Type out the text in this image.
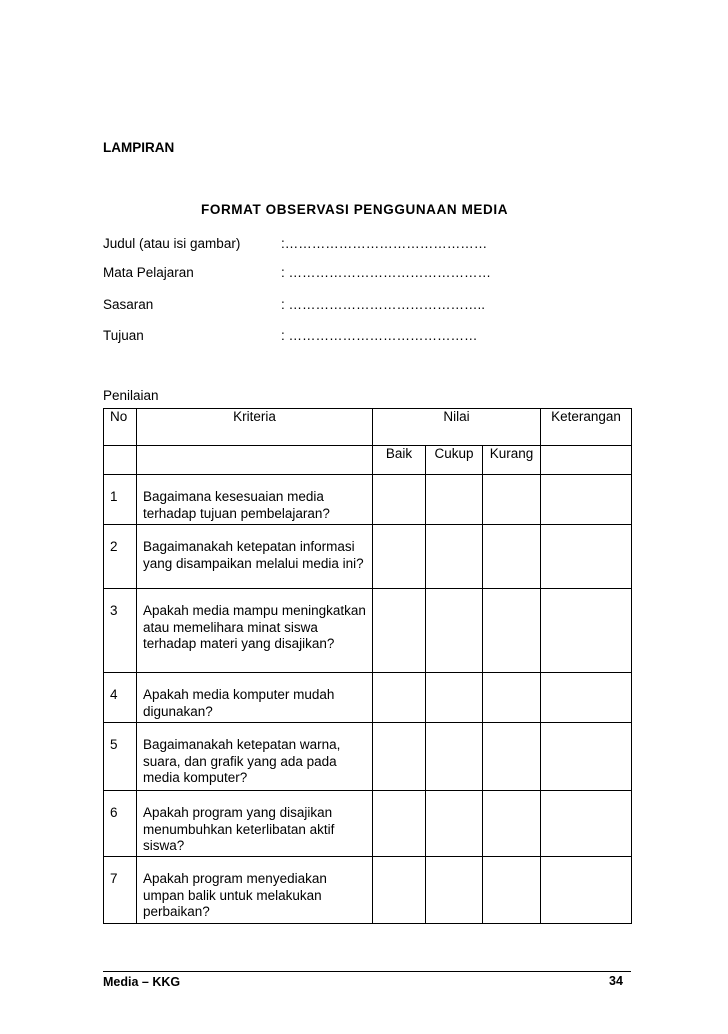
LAMPIRAN
FORMAT OBSERVASI PENGGUNAAN MEDIA
Judul (atau isi gambar)	:………………………………………
Mata Pelajaran	: ………………………………………
Sasaran	: ……………………………………..
Tujuan	: ……………………………………
Penilaian
No	Kriteria	Nilai			Keterangan
		Baik	Cukup	Kurang	
1	Bagaimana kesesuaian media terhadap tujuan pembelajaran?				
2	Bagaimanakah ketepatan informasi yang disampaikan melalui media ini?				
3	Apakah media mampu meningkatkan atau memelihara minat siswa terhadap materi yang disajikan?				
4	Apakah media komputer mudah digunakan?				
5	Bagaimanakah ketepatan warna, suara, dan grafik yang ada pada media komputer?				
6	Apakah program yang disajikan menumbuhkan keterlibatan aktif siswa?				
7	Apakah program menyediakan umpan balik untuk melakukan perbaikan?				
Media – KKG	34
